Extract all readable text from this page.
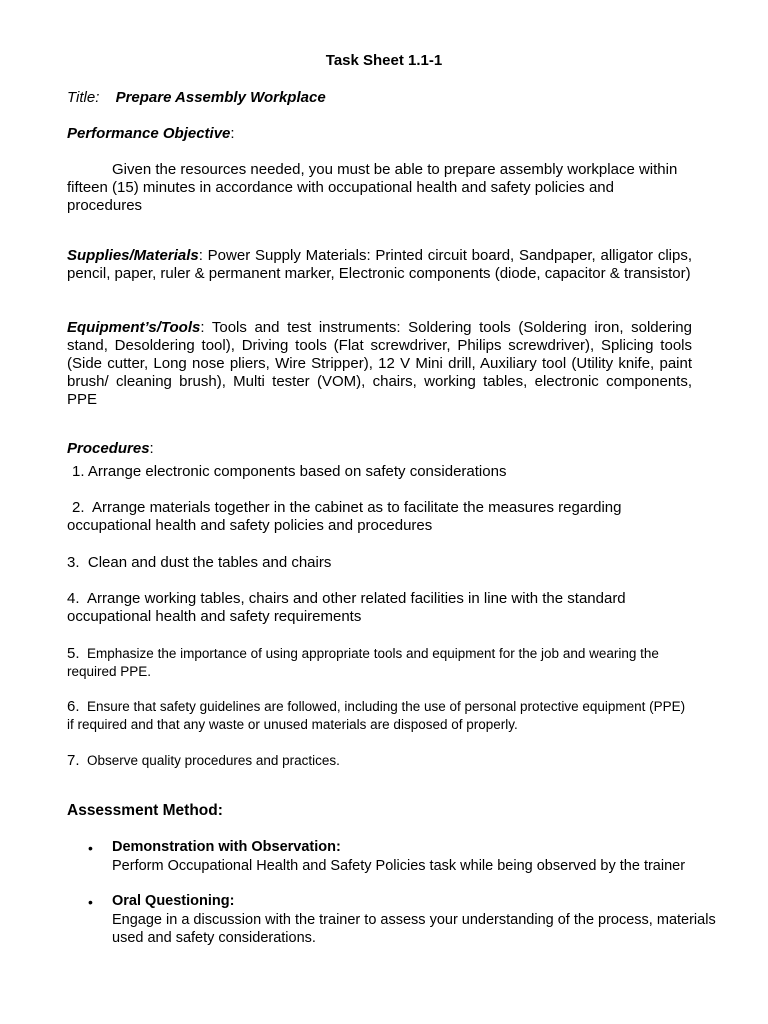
Task Sheet 1.1-1
Title: Prepare Assembly Workplace
Performance Objective:
Given the resources needed, you must be able to prepare assembly workplace within fifteen (15) minutes in accordance with occupational health and safety policies and procedures
Supplies/Materials: Power Supply Materials: Printed circuit board, Sandpaper, alligator clips, pencil, paper, ruler & permanent marker, Electronic components (diode, capacitor & transistor)
Equipment’s/Tools: Tools and test instruments: Soldering tools (Soldering iron, soldering stand, Desoldering tool), Driving tools (Flat screwdriver, Philips screwdriver), Splicing tools (Side cutter, Long nose pliers, Wire Stripper), 12 V Mini drill, Auxiliary tool (Utility knife, paint brush/ cleaning brush), Multi tester (VOM), chairs, working tables, electronic components, PPE
Procedures:
1. Arrange electronic components based on safety considerations
2. Arrange materials together in the cabinet as to facilitate the measures regarding occupational health and safety policies and procedures
3. Clean and dust the tables and chairs
4. Arrange working tables, chairs and other related facilities in line with the standard occupational health and safety requirements
5. Emphasize the importance of using appropriate tools and equipment for the job and wearing the required PPE.
6. Ensure that safety guidelines are followed, including the use of personal protective equipment (PPE) if required and that any waste or unused materials are disposed of properly.
7. Observe quality procedures and practices.
Assessment Method:
• Demonstration with Observation:
Perform Occupational Health and Safety Policies task while being observed by the trainer
• Oral Questioning:
Engage in a discussion with the trainer to assess your understanding of the process, materials used and safety considerations.
